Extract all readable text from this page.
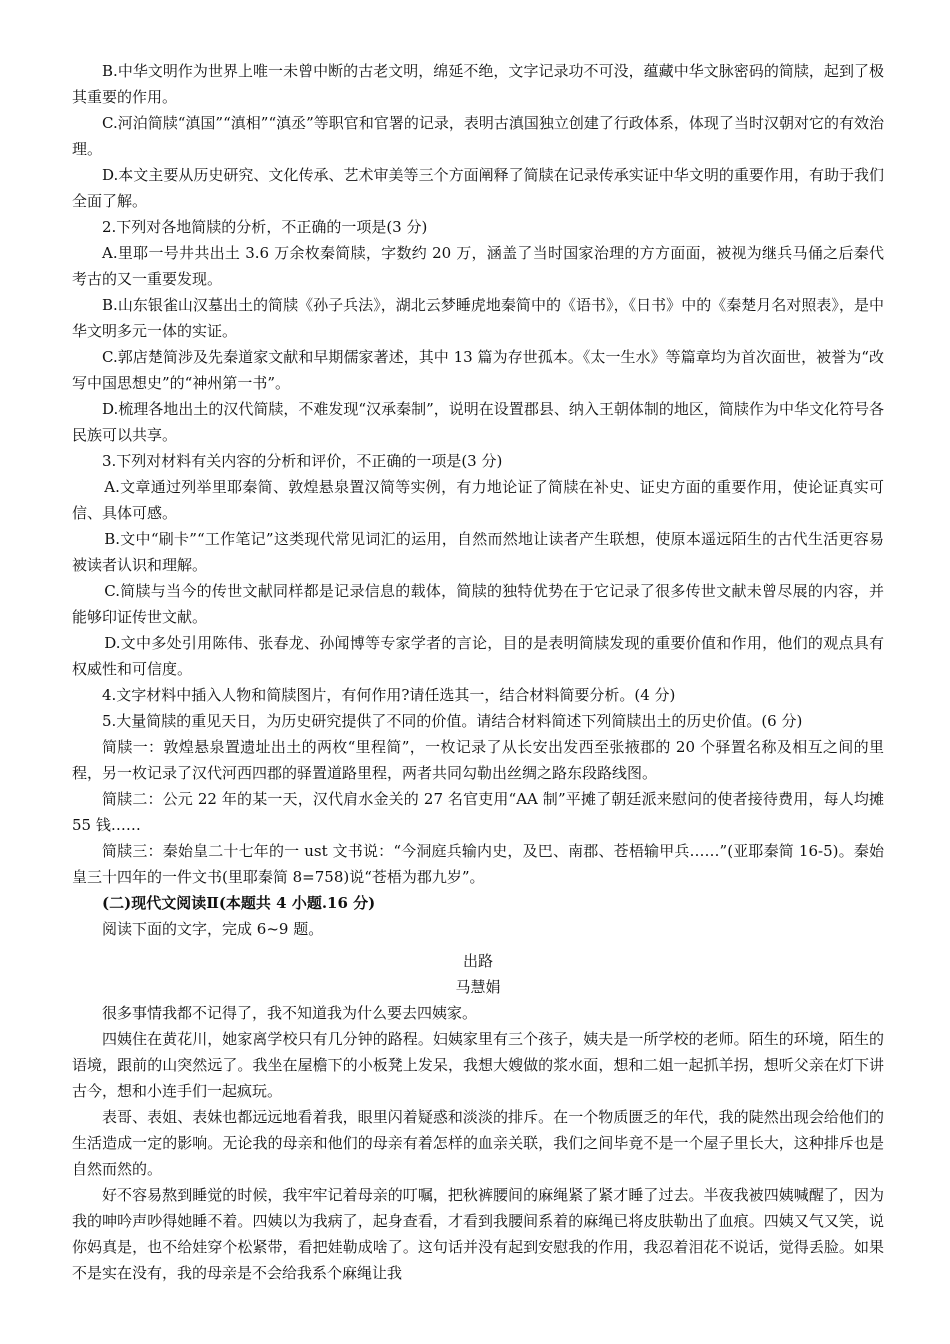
B.中华文明作为世界上唯一未曾中断的古老文明，绵延不绝，文字记录功不可没，蕴藏中华文脉密码的简牍，起到了极其重要的作用。

C.河泊简牍“滇国”“滇相”“滇丞”等职官和官署的记录，表明古滇国独立创建了行政体系，体现了当时汉朝对它的有效治理。

D.本文主要从历史研究、文化传承、艺术审美等三个方面阐释了简牍在记录传承实证中华文明的重要作用，有助于我们全面了解。

2.下列对各地简牍的分析，不正确的一项是(3 分)

A.里耶一号井共出土 3.6 万余枚秦简牍，字数约 20 万，涵盖了当时国家治理的方方面面，被视为继兵马俑之后秦代考古的又一重要发现。

B.山东银雀山汉墓出土的简牍《孙子兵法》，湖北云梦睡虎地秦简中的《语书》，《日书》中的《秦楚月名对照表》，是中华文明多元一体的实证。

C.郭店楚简涉及先秦道家文献和早期儒家著述，其中 13 篇为存世孤本。《太一生水》等篇章均为首次面世，被誉为“改写中国思想史”的“神州第一书”。

D.梳理各地出土的汉代简牍，不难发现“汉承秦制”，说明在设置郡县、纳入王朝体制的地区，简牍作为中华文化符号各民族可以共享。

3.下列对材料有关内容的分析和评价，不正确的一项是(3 分)

A.文章通过列举里耶秦简、敦煌悬泉置汉简等实例，有力地论证了简牍在补史、证史方面的重要作用，使论证真实可信、具体可感。

B.文中“刷卡”“工作笔记”这类现代常见词汇的运用，自然而然地让读者产生联想，使原本遥远陌生的古代生活更容易被读者认识和理解。

C.简牍与当今的传世文献同样都是记录信息的载体，简牍的独特优势在于它记录了很多传世文献未曾尽展的内容，并能够印证传世文献。

D.文中多处引用陈伟、张春龙、孙闻博等专家学者的言论，目的是表明简牍发现的重要价值和作用，他们的观点具有权威性和可信度。

4.文字材料中插入人物和简牍图片，有何作用?请任选其一，结合材料简要分析。(4 分)

5.大量简牍的重见天日，为历史研究提供了不同的价值。请结合材料简述下列简牍出土的历史价值。(6 分)

简牍一：敦煌悬泉置遗址出土的两枚“里程简”，一枚记录了从长安出发西至张掖郡的 20 个驿置名称及相互之间的里程，另一枚记录了汉代河西四郡的驿置道路里程，两者共同勾勒出丝绸之路东段路线图。

简牍二：公元 22 年的某一天，汉代肩水金关的 27 名官吏用“AA 制”平摊了朝廷派来慰问的使者接待费用，每人均摊 55 钱……

简牍三：秦始皇二十七年的一 ust 文书说：“今洞庭兵输内史，及巴、南郡、苍梧输甲兵……”(亚耶秦简 16-5)。秦始皇三十四年的一件文书(里耶秦简 8=758)说“苍梧为郡九岁”。

(二)现代文阅读Ⅱ(本题共 4 小题.16 分)

阅读下面的文字，完成 6~9 题。

出路

马慧娟

很多事情我都不记得了，我不知道我为什么要去四姨家。

四姨住在黄花川，她家离学校只有几分钟的路程。妇姨家里有三个孩子，姨夫是一所学校的老师。陌生的环境，陌生的语境，跟前的山突然远了。我坐在屋檐下的小板凳上发呆，我想大嫂做的浆水面，想和二姐一起抓羊拐，想听父亲在灯下讲古今，想和小连手们一起疯玩。

表哥、表姐、表妹也都远远地看着我，眼里闪着疑惑和淡淡的排斥。在一个物质匮乏的年代，我的陡然出现会给他们的生活造成一定的影响。无论我的母亲和他们的母亲有着怎样的血亲关联，我们之间毕竟不是一个屋子里长大，这种排斥也是自然而然的。

好不容易熬到睡觉的时候，我牢牢记着母亲的叮嘱，把秋裤腰间的麻绳紧了紧才睡了过去。半夜我被四姨喊醒了，因为我的呻吟声吵得她睡不着。四姨以为我病了，起身查看，才看到我腰间系着的麻绳已将皮肤勒出了血痕。四姨又气又笑，说你妈真是，也不给娃穿个松紧带，看把娃勒成啥了。这句话并没有起到安慰我的作用，我忍着泪花不说话，觉得丢脸。如果不是实在没有，我的母亲是不会给我系个麻绳让我
